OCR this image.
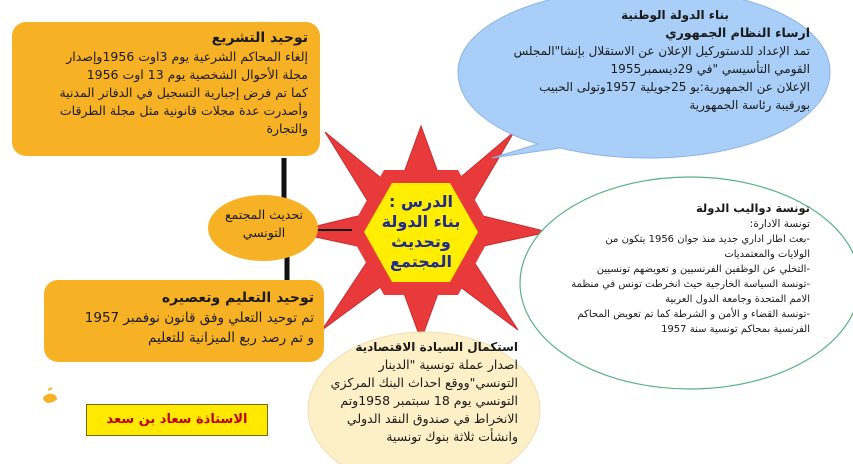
الدرس :
بناء الدولة
وتحديث
المجتمع
توحيد التشريع
إلغاء المحاكم الشرعية يوم 3اوت 1956وإصدار
مجلة الأحوال الشخصية يوم 13 اوت 1956
كما تم فرض إجبارية التسجيل في الدفاتر المدنية
وأصدرت عدة مجلات قانونية مثل مجلة الطرقات
والتجارة
تحديث المجتمع
التونسي
توحيد التعليم وتعصيره
تم توحيد التعلي وفق قانون نوفمبر 1957
و تم رصد ربع الميزانية للتعليم
الاستاذة سعاد بن سعد
بناء الدولة الوطنية
ارساء النظام الجمهوري
تمد الإعداد للدستوركيل الإعلان عن الاستقلال بإنشا"المجلس
القومي التأسيسي "في 29ديسمبر1955
الإعلان عن الجمهورية:يو 25جويلية 1957وتولى الحبيب
بورقيبة رئاسة الجمهورية
تونسة دواليب الدولة
تونسة الادارة:
-بعث اطار اداري جديد منذ جوان 1956 يتكون من
الولايات والمعتمديات
-التخلي عن الوظفين الفرنسيين و تعويضهم تونسيين
-تونسة السياسة الخارجية حيث انخرطت تونس في منظمة
الامم المتحدة وجامعة الدول العربية
-تونسة القضاء و الأمن و الشرطة كما تم تعويض المحاكم
الفرنسية بمحاكم تونسية سنة 1957
استكمال السيادة الاقتصادية
اصدار عملة تونسية "الدينار
التونسي"ووقع احداث البنك المركزي
التونسي يوم 18 سبتمبر 1958وتم
الانخراط في صندوق النقد الدولي
وانشأت ثلاثة بنوك تونسية
